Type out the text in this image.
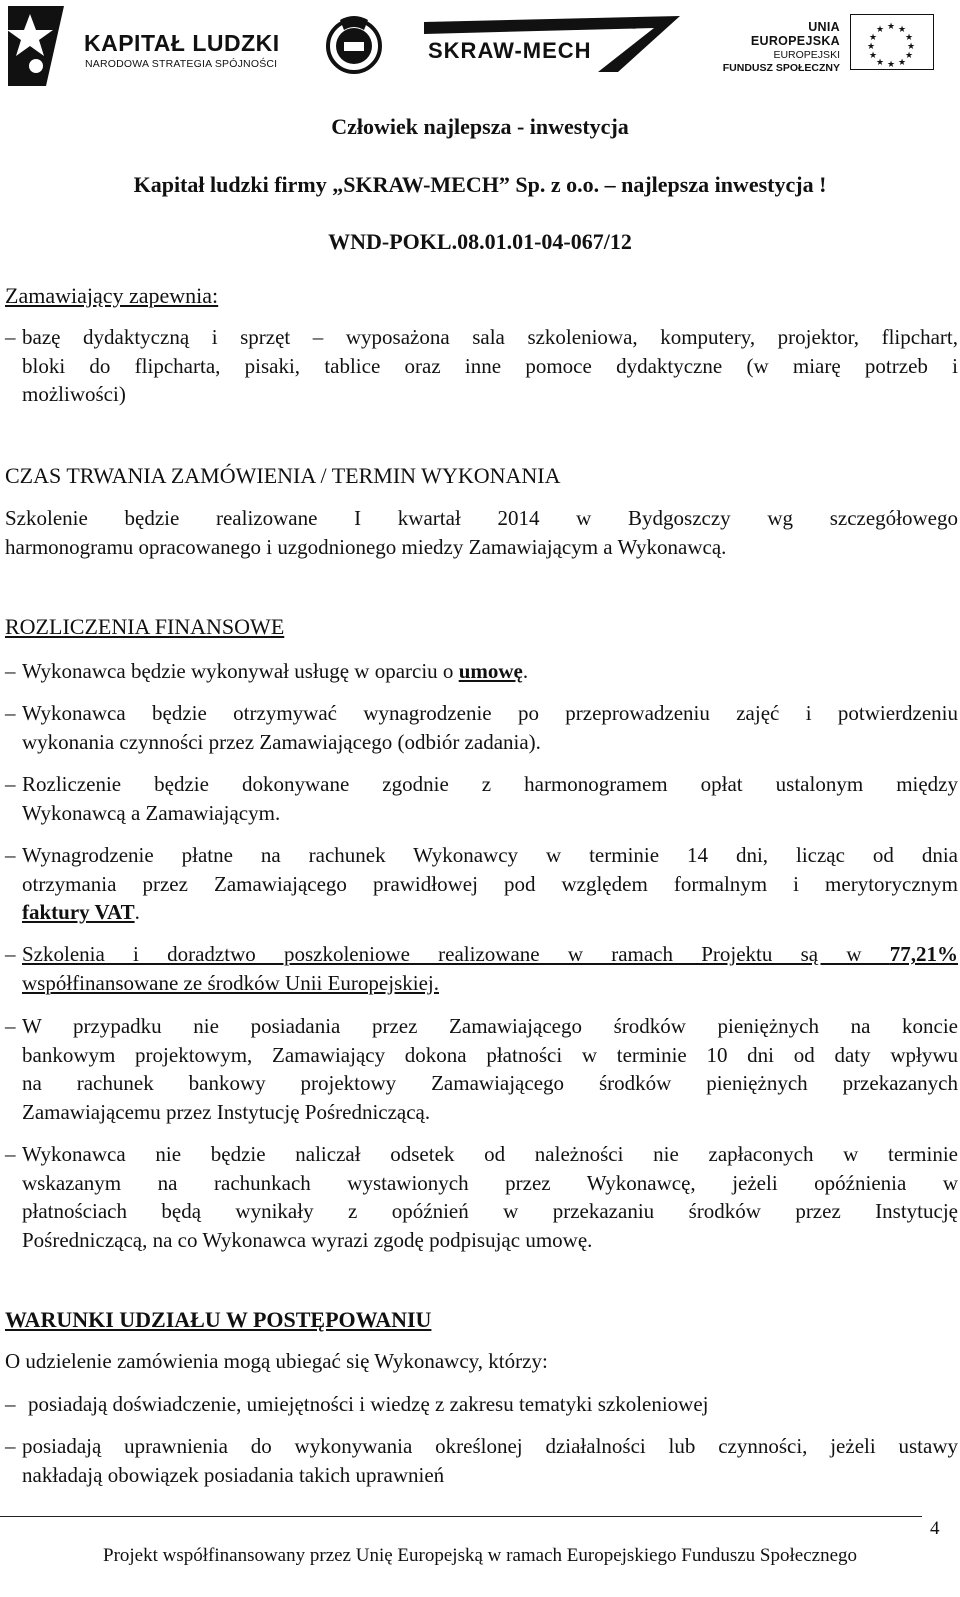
KAPITAŁ LUDZKI
NARODOWA STRATEGIA SPÓJNOŚCI
SKRAW-MECH
UNIA EUROPEJSKA
EUROPEJSKI
FUNDUSZ SPOŁECZNY
★ ★
★
★
★
★
★
★
★
★
★
★
Człowiek najlepsza - inwestycja
Kapitał ludzki firmy „SKRAW-MECH” Sp. z o.o. – najlepsza inwestycja !
WND-POKL.08.01.01-04-067/12
Zamawiający zapewnia:
– bazę dydaktyczną i sprzęt – wyposażona sala szkoleniowa, komputery, projektor, flipchart,
bloki do flipcharta, pisaki, tablice oraz inne pomoce dydaktyczne (w miarę potrzeb i
możliwości)
CZAS TRWANIA ZAMÓWIENIA / TERMIN WYKONANIA
Szkolenie będzie realizowane I kwartał 2014 w Bydgoszczy wg szczegółowego
harmonogramu opracowanego i uzgodnionego miedzy Zamawiającym a Wykonawcą.
ROZLICZENIA FINANSOWE
– Wykonawca będzie wykonywał usługę w oparciu o umowę.
– Wykonawca będzie otrzymywać wynagrodzenie po przeprowadzeniu zajęć i potwierdzeniu
wykonania czynności przez Zamawiającego (odbiór zadania).
– Rozliczenie będzie dokonywane zgodnie z harmonogramem opłat ustalonym między
Wykonawcą a Zamawiającym.
– Wynagrodzenie płatne na rachunek Wykonawcy w terminie 14 dni, licząc od dnia
otrzymania przez Zamawiającego prawidłowej pod względem formalnym i merytorycznym
faktury VAT.
– Szkolenia i doradztwo poszkoleniowe realizowane w ramach Projektu są w 77,21%
współfinansowane ze środków Unii Europejskiej.
– W przypadku nie posiadania przez Zamawiającego środków pieniężnych na koncie
bankowym projektowym, Zamawiający dokona płatności w terminie 10 dni od daty wpływu
na rachunek bankowy projektowy Zamawiającego środków pieniężnych przekazanych
Zamawiającemu przez Instytucję Pośredniczącą.
– Wykonawca nie będzie naliczał odsetek od należności nie zapłaconych w terminie
wskazanym na rachunkach wystawionych przez Wykonawcę, jeżeli opóźnienia w
płatnościach będą wynikały z opóźnień w przekazaniu środków przez Instytucję
Pośredniczącą, na co Wykonawca wyrazi zgodę podpisując umowę.
WARUNKI UDZIAŁU W POSTĘPOWANIU
O udzielenie zamówienia mogą ubiegać się Wykonawcy, którzy:
– posiadają doświadczenie, umiejętności i wiedzę z zakresu tematyki szkoleniowej
– posiadają uprawnienia do wykonywania określonej działalności lub czynności, jeżeli ustawy
nakładają obowiązek posiadania takich uprawnień
4
Projekt współfinansowany przez Unię Europejską w ramach Europejskiego Funduszu Społecznego
